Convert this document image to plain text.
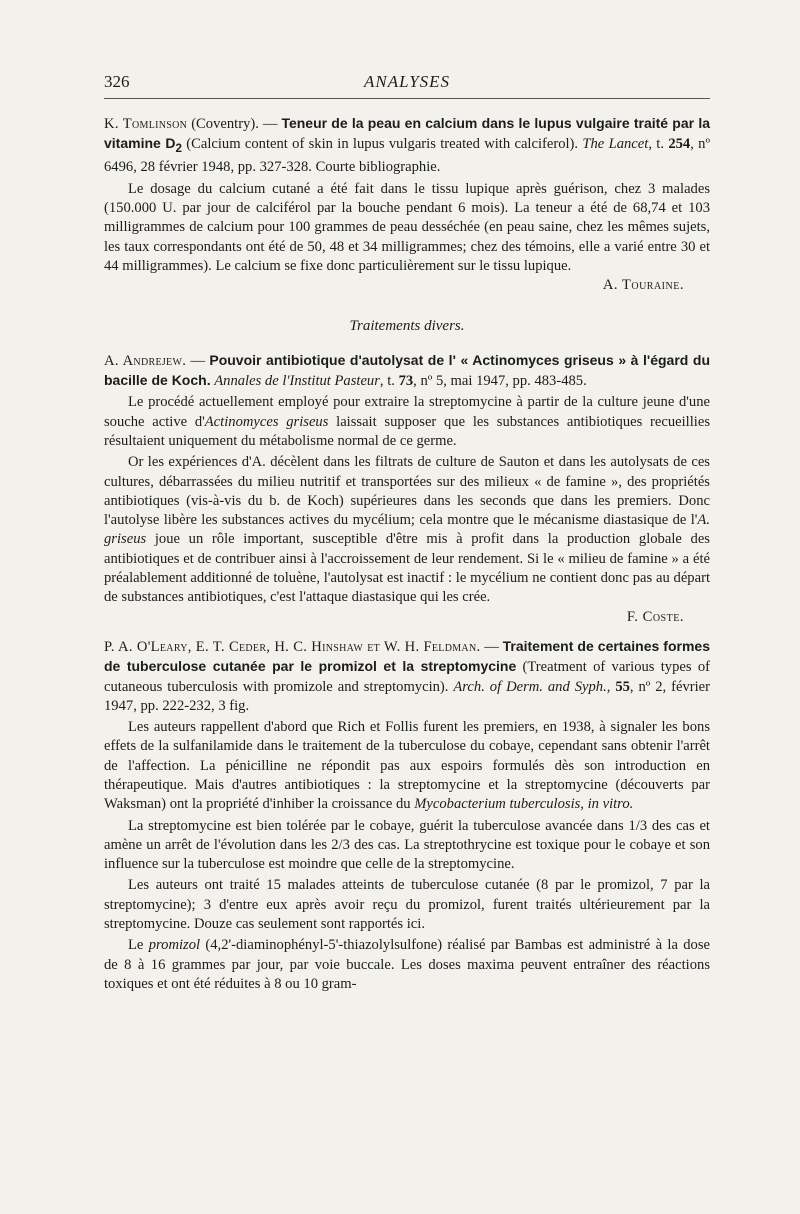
326	ANALYSES

K. Tomlinson (Coventry). — Teneur de la peau en calcium dans le lupus vulgaire traité par la vitamine $D_2$ (Calcium content of skin in lupus vulgaris treated with calciferol). The Lancet, t. 254, nº 6496, 28 février 1948, pp. 327-328. Courte bibliographie.

Le dosage du calcium cutané a été fait dans le tissu lupique après guérison, chez 3 malades (150.000 U. par jour de calciférol par la bouche pendant 6 mois). La teneur a été de 68,74 et 103 milligrammes de calcium pour 100 grammes de peau desséchée (en peau saine, chez les mêmes sujets, les taux correspondants ont été de 50, 48 et 34 milligrammes; chez des témoins, elle a varié entre 30 et 44 milligrammes). Le calcium se fixe donc particulièrement sur le tissu lupique.

A. Touraine.

Traitements divers.

A. Andrejew. — Pouvoir antibiotique d'autolysat de l' « Actinomyces griseus » à l'égard du bacille de Koch. Annales de l'Institut Pasteur, t. 73, nº 5, mai 1947, pp. 483-485.

Le procédé actuellement employé pour extraire la streptomycine à partir de la culture jeune d'une souche active d'Actinomyces griseus laissait supposer que les substances antibiotiques recueillies résultaient uniquement du métabolisme normal de ce germe.

Or les expériences d'A. décèlent dans les filtrats de culture de Sauton et dans les autolysats de ces cultures, débarrassées du milieu nutritif et transportées sur des milieux « de famine », des propriétés antibiotiques (vis-à-vis du b. de Koch) supérieures dans les seconds que dans les premiers. Donc l'autolyse libère les substances actives du mycélium; cela montre que le mécanisme diastasique de l'A. griseus joue un rôle important, susceptible d'être mis à profit dans la production globale des antibiotiques et de contribuer ainsi à l'accroissement de leur rendement. Si le « milieu de famine » a été préalablement additionné de toluène, l'autolysat est inactif : le mycélium ne contient donc pas au départ de substances antibiotiques, c'est l'attaque diastasique qui les crée.

F. Coste.

P. A. O'Leary, E. T. Ceder, H. C. Hinshaw et W. H. Feldman. — Traitement de certaines formes de tuberculose cutanée par le promizol et la streptomycine (Treatment of various types of cutaneous tuberculosis with promizole and streptomycin). Arch. of Derm. and Syph., 55, nº 2, février 1947, pp. 222-232, 3 fig.

Les auteurs rappellent d'abord que Rich et Follis furent les premiers, en 1938, à signaler les bons effets de la sulfanilamide dans le traitement de la tuberculose du cobaye, cependant sans obtenir l'arrêt de l'affection. La pénicilline ne répondit pas aux espoirs formulés dès son introduction en thérapeutique. Mais d'autres antibiotiques : la streptomycine et la streptomycine (découverts par Waksman) ont la propriété d'inhiber la croissance du Mycobacterium tuberculosis, in vitro.

La streptomycine est bien tolérée par le cobaye, guérit la tuberculose avancée dans 1/3 des cas et amène un arrêt de l'évolution dans les 2/3 des cas. La streptothrycine est toxique pour le cobaye et son influence sur la tuberculose est moindre que celle de la streptomycine.

Les auteurs ont traité 15 malades atteints de tuberculose cutanée (8 par le promizol, 7 par la streptomycine); 3 d'entre eux après avoir reçu du promizol, furent traités ultérieurement par la streptomycine. Douze cas seulement sont rapportés ici.

Le promizol (4,2'-diaminophényl-5'-thiazolylsulfone) réalisé par Bambas est administré à la dose de 8 à 16 grammes par jour, par voie buccale. Les doses maxima peuvent entraîner des réactions toxiques et ont été réduites à 8 ou 10 gram-
